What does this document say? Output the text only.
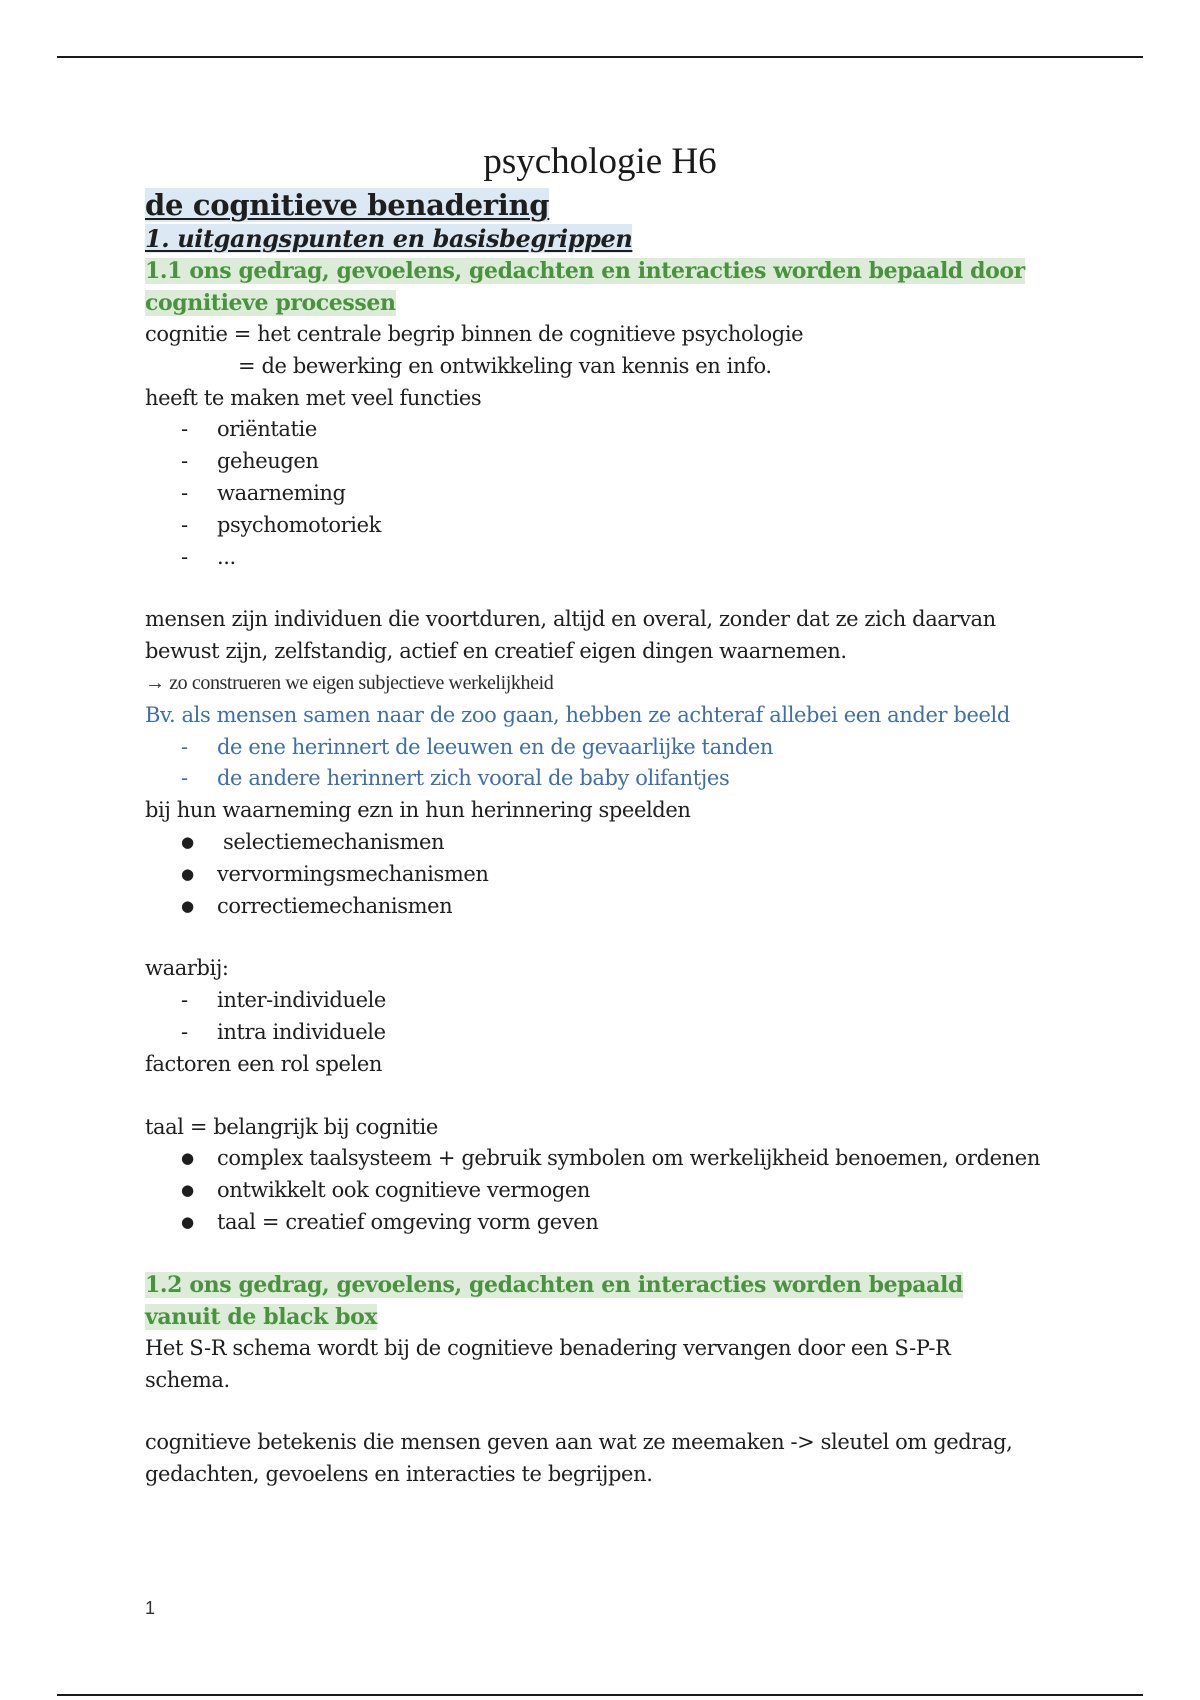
psychologie H6

de cognitieve benadering

1. uitgangspunten en basisbegrippen

1.1 ons gedrag, gevoelens, gedachten en interacties worden bepaald door cognitieve processen

cognitie = het centrale begrip binnen de cognitieve psychologie

= de bewerking en ontwikkeling van kennis en info.

heeft te maken met veel functies

-	oriëntatie
-	geheugen
-	waarneming
-	psychomotoriek
-	...

mensen zijn individuen die voortduren, altijd en overal, zonder dat ze zich daarvan bewust zijn, zelfstandig, actief en creatief eigen dingen waarnemen.

→ zo construeren we eigen subjectieve werkelijkheid

Bv. als mensen samen naar de zoo gaan, hebben ze achteraf allebei een ander beeld

-	de ene herinnert de leeuwen en de gevaarlijke tanden
-	de andere herinnert zich vooral de baby olifantjes

bij hun waarneming ezn in hun herinnering speelden

●	selectiemechanismen
●	vervormingsmechanismen
●	correctiemechanismen

waarbij:

-	inter-individuele
-	intra individuele

factoren een rol spelen

taal = belangrijk bij cognitie

●	complex taalsysteem + gebruik symbolen om werkelijkheid benoemen, ordenen
●	ontwikkelt ook cognitieve vermogen
●	taal = creatief omgeving vorm geven

1.2 ons gedrag, gevoelens, gedachten en interacties worden bepaald vanuit de black box

Het S-R schema wordt bij de cognitieve benadering vervangen door een S-P-R schema.

cognitieve betekenis die mensen geven aan wat ze meemaken -> sleutel om gedrag, gedachten, gevoelens en interacties te begrijpen.

1
